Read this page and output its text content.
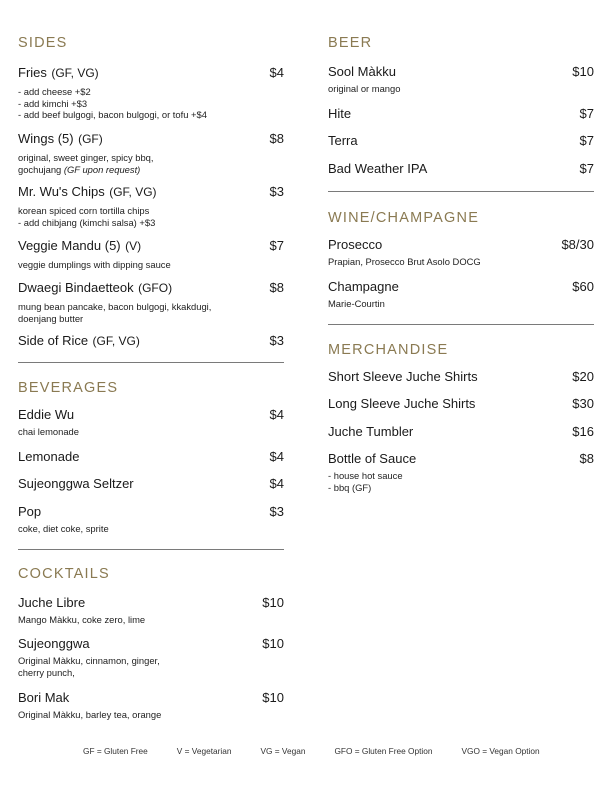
SIDES
Fries (GF, VG)	$4
- add cheese +$2
- add kimchi +$3
- add beef bulgogi, bacon bulgogi, or tofu +$4
Wings (5) (GF)	$8
original, sweet ginger, spicy bbq,
gochujang (GF upon request)
Mr. Wu's Chips (GF, VG)	$3
korean spiced corn tortilla chips
- add chibjang (kimchi salsa) +$3
Veggie Mandu (5) (V)	$7
veggie dumplings with dipping sauce
Dwaegi Bindaetteok (GFO)	$8
mung bean pancake, bacon bulgogi, kkakdugi,
doenjang butter
Side of Rice (GF, VG)	$3
BEVERAGES
Eddie Wu	$4
chai lemonade
Lemonade	$4
Sujeonggwa Seltzer	$4
Pop	$3
coke, diet coke, sprite
COCKTAILS
Juche Libre	$10
Mango Màkku, coke zero, lime
Sujeonggwa	$10
Original Màkku, cinnamon, ginger,
cherry punch,
Bori Mak	$10
Original Màkku, barley tea, orange
BEER
Sool Màkku	$10
original or mango
Hite	$7
Terra	$7
Bad Weather IPA	$7
WINE/CHAMPAGNE
Prosecco	$8/30
Prapian, Prosecco Brut Asolo DOCG
Champagne	$60
Marie-Courtin
MERCHANDISE
Short Sleeve Juche Shirts	$20
Long Sleeve Juche Shirts	$30
Juche Tumbler	$16
Bottle of Sauce	$8
- house hot sauce
- bbq (GF)
GF = Gluten Free	V = Vegetarian	VG = Vegan	GFO = Gluten Free Option	VGO = Vegan Option
